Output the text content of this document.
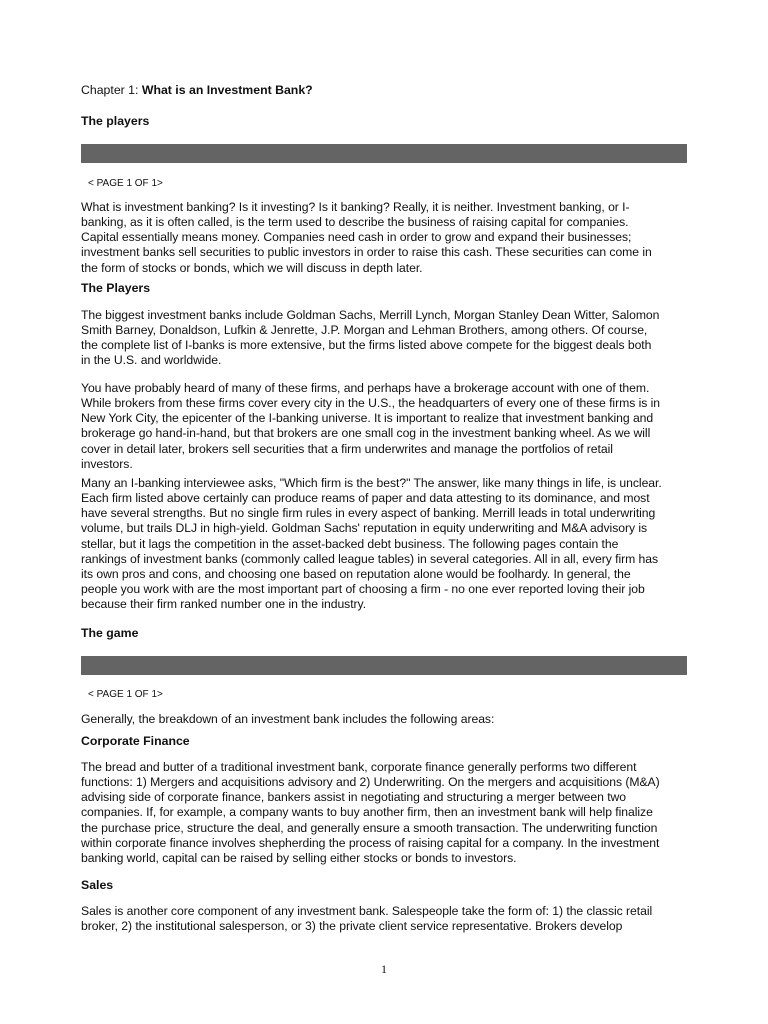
Chapter 1: What is an Investment Bank?
The players
< PAGE 1 OF 1>
What is investment banking? Is it investing? Is it banking? Really, it is neither. Investment banking, or I-
banking, as it is often called, is the term used to describe the business of raising capital for companies.
Capital essentially means money. Companies need cash in order to grow and expand their businesses;
investment banks sell securities to public investors in order to raise this cash. These securities can come in
the form of stocks or bonds, which we will discuss in depth later.
The Players
The biggest investment banks include Goldman Sachs, Merrill Lynch, Morgan Stanley Dean Witter, Salomon
Smith Barney, Donaldson, Lufkin & Jenrette, J.P. Morgan and Lehman Brothers, among others. Of course,
the complete list of I-banks is more extensive, but the firms listed above compete for the biggest deals both
in the U.S. and worldwide.
You have probably heard of many of these firms, and perhaps have a brokerage account with one of them.
While brokers from these firms cover every city in the U.S., the headquarters of every one of these firms is in
New York City, the epicenter of the I-banking universe. It is important to realize that investment banking and
brokerage go hand-in-hand, but that brokers are one small cog in the investment banking wheel. As we will
cover in detail later, brokers sell securities that a firm underwrites and manage the portfolios of retail
investors.
Many an I-banking interviewee asks, "Which firm is the best?" The answer, like many things in life, is unclear.
Each firm listed above certainly can produce reams of paper and data attesting to its dominance, and most
have several strengths. But no single firm rules in every aspect of banking. Merrill leads in total underwriting
volume, but trails DLJ in high-yield. Goldman Sachs' reputation in equity underwriting and M&A advisory is
stellar, but it lags the competition in the asset-backed debt business. The following pages contain the
rankings of investment banks (commonly called league tables) in several categories. All in all, every firm has
its own pros and cons, and choosing one based on reputation alone would be foolhardy. In general, the
people you work with are the most important part of choosing a firm - no one ever reported loving their job
because their firm ranked number one in the industry.
The game
< PAGE 1 OF 1>
Generally, the breakdown of an investment bank includes the following areas:
Corporate Finance
The bread and butter of a traditional investment bank, corporate finance generally performs two different
functions: 1) Mergers and acquisitions advisory and 2) Underwriting. On the mergers and acquisitions (M&A)
advising side of corporate finance, bankers assist in negotiating and structuring a merger between two
companies. If, for example, a company wants to buy another firm, then an investment bank will help finalize
the purchase price, structure the deal, and generally ensure a smooth transaction. The underwriting function
within corporate finance involves shepherding the process of raising capital for a company. In the investment
banking world, capital can be raised by selling either stocks or bonds to investors.
Sales
Sales is another core component of any investment bank. Salespeople take the form of: 1) the classic retail
broker, 2) the institutional salesperson, or 3) the private client service representative. Brokers develop
1
